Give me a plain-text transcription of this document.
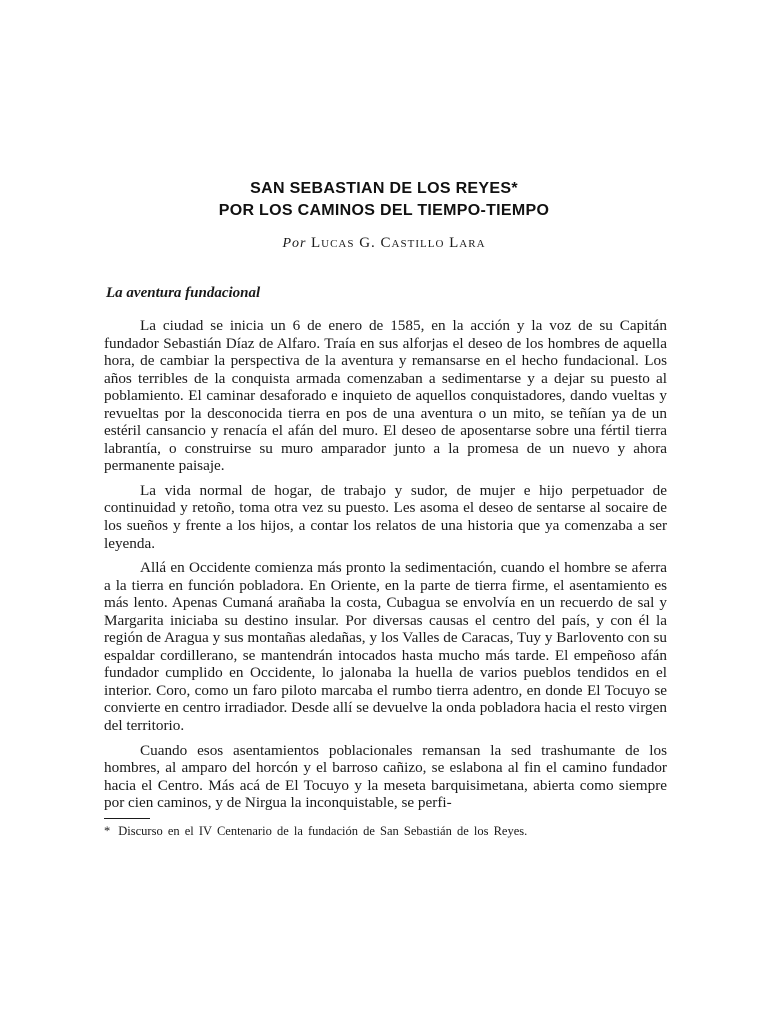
SAN SEBASTIAN DE LOS REYES*
POR LOS CAMINOS DEL TIEMPO-TIEMPO
Por Lucas G. Castillo Lara
La aventura fundacional

La ciudad se inicia un 6 de enero de 1585, en la acción y la voz de su Capitán fundador Sebastián Díaz de Alfaro. Traía en sus alforjas el deseo de los hombres de aquella hora, de cambiar la perspectiva de la aventura y remansarse en el hecho fundacional. Los años terribles de la conquista armada comenzaban a sedimentarse y a dejar su puesto al poblamiento. El caminar desaforado e inquieto de aquellos conquistadores, dando vueltas y revueltas por la desconocida tierra en pos de una aventura o un mito, se teñían ya de un estéril cansancio y renacía el afán del muro. El deseo de aposentarse sobre una fértil tierra labrantía, o construirse su muro amparador junto a la promesa de un nuevo y ahora permanente paisaje.

La vida normal de hogar, de trabajo y sudor, de mujer e hijo perpetuador de continuidad y retoño, toma otra vez su puesto. Les asoma el deseo de sentarse al socaire de los sueños y frente a los hijos, a contar los relatos de una historia que ya comenzaba a ser leyenda.

Allá en Occidente comienza más pronto la sedimentación, cuando el hombre se aferra a la tierra en función pobladora. En Oriente, en la parte de tierra firme, el asentamiento es más lento. Apenas Cumaná arañaba la costa, Cubagua se envolvía en un recuerdo de sal y Margarita iniciaba su destino insular. Por diversas causas el centro del país, y con él la región de Aragua y sus montañas aledañas, y los Valles de Caracas, Tuy y Barlovento con su espaldar cordillerano, se mantendrán intocados hasta mucho más tarde. El empeñoso afán fundador cumplido en Occidente, lo jalonaba la huella de varios pueblos tendidos en el interior. Coro, como un faro piloto marcaba el rumbo tierra adentro, en donde El Tocuyo se convierte en centro irradiador. Desde allí se devuelve la onda pobladora hacia el resto virgen del territorio.

Cuando esos asentamientos poblacionales remansan la sed trashumante de los hombres, al amparo del horcón y el barroso cañizo, se eslabona al fin el camino fundador hacia el Centro. Más acá de El Tocuyo y la meseta barquisimetana, abierta como siempre por cien caminos, y de Nirgua la inconquistable, se perfi-

* Discurso en el IV Centenario de la fundación de San Sebastián de los Reyes.
